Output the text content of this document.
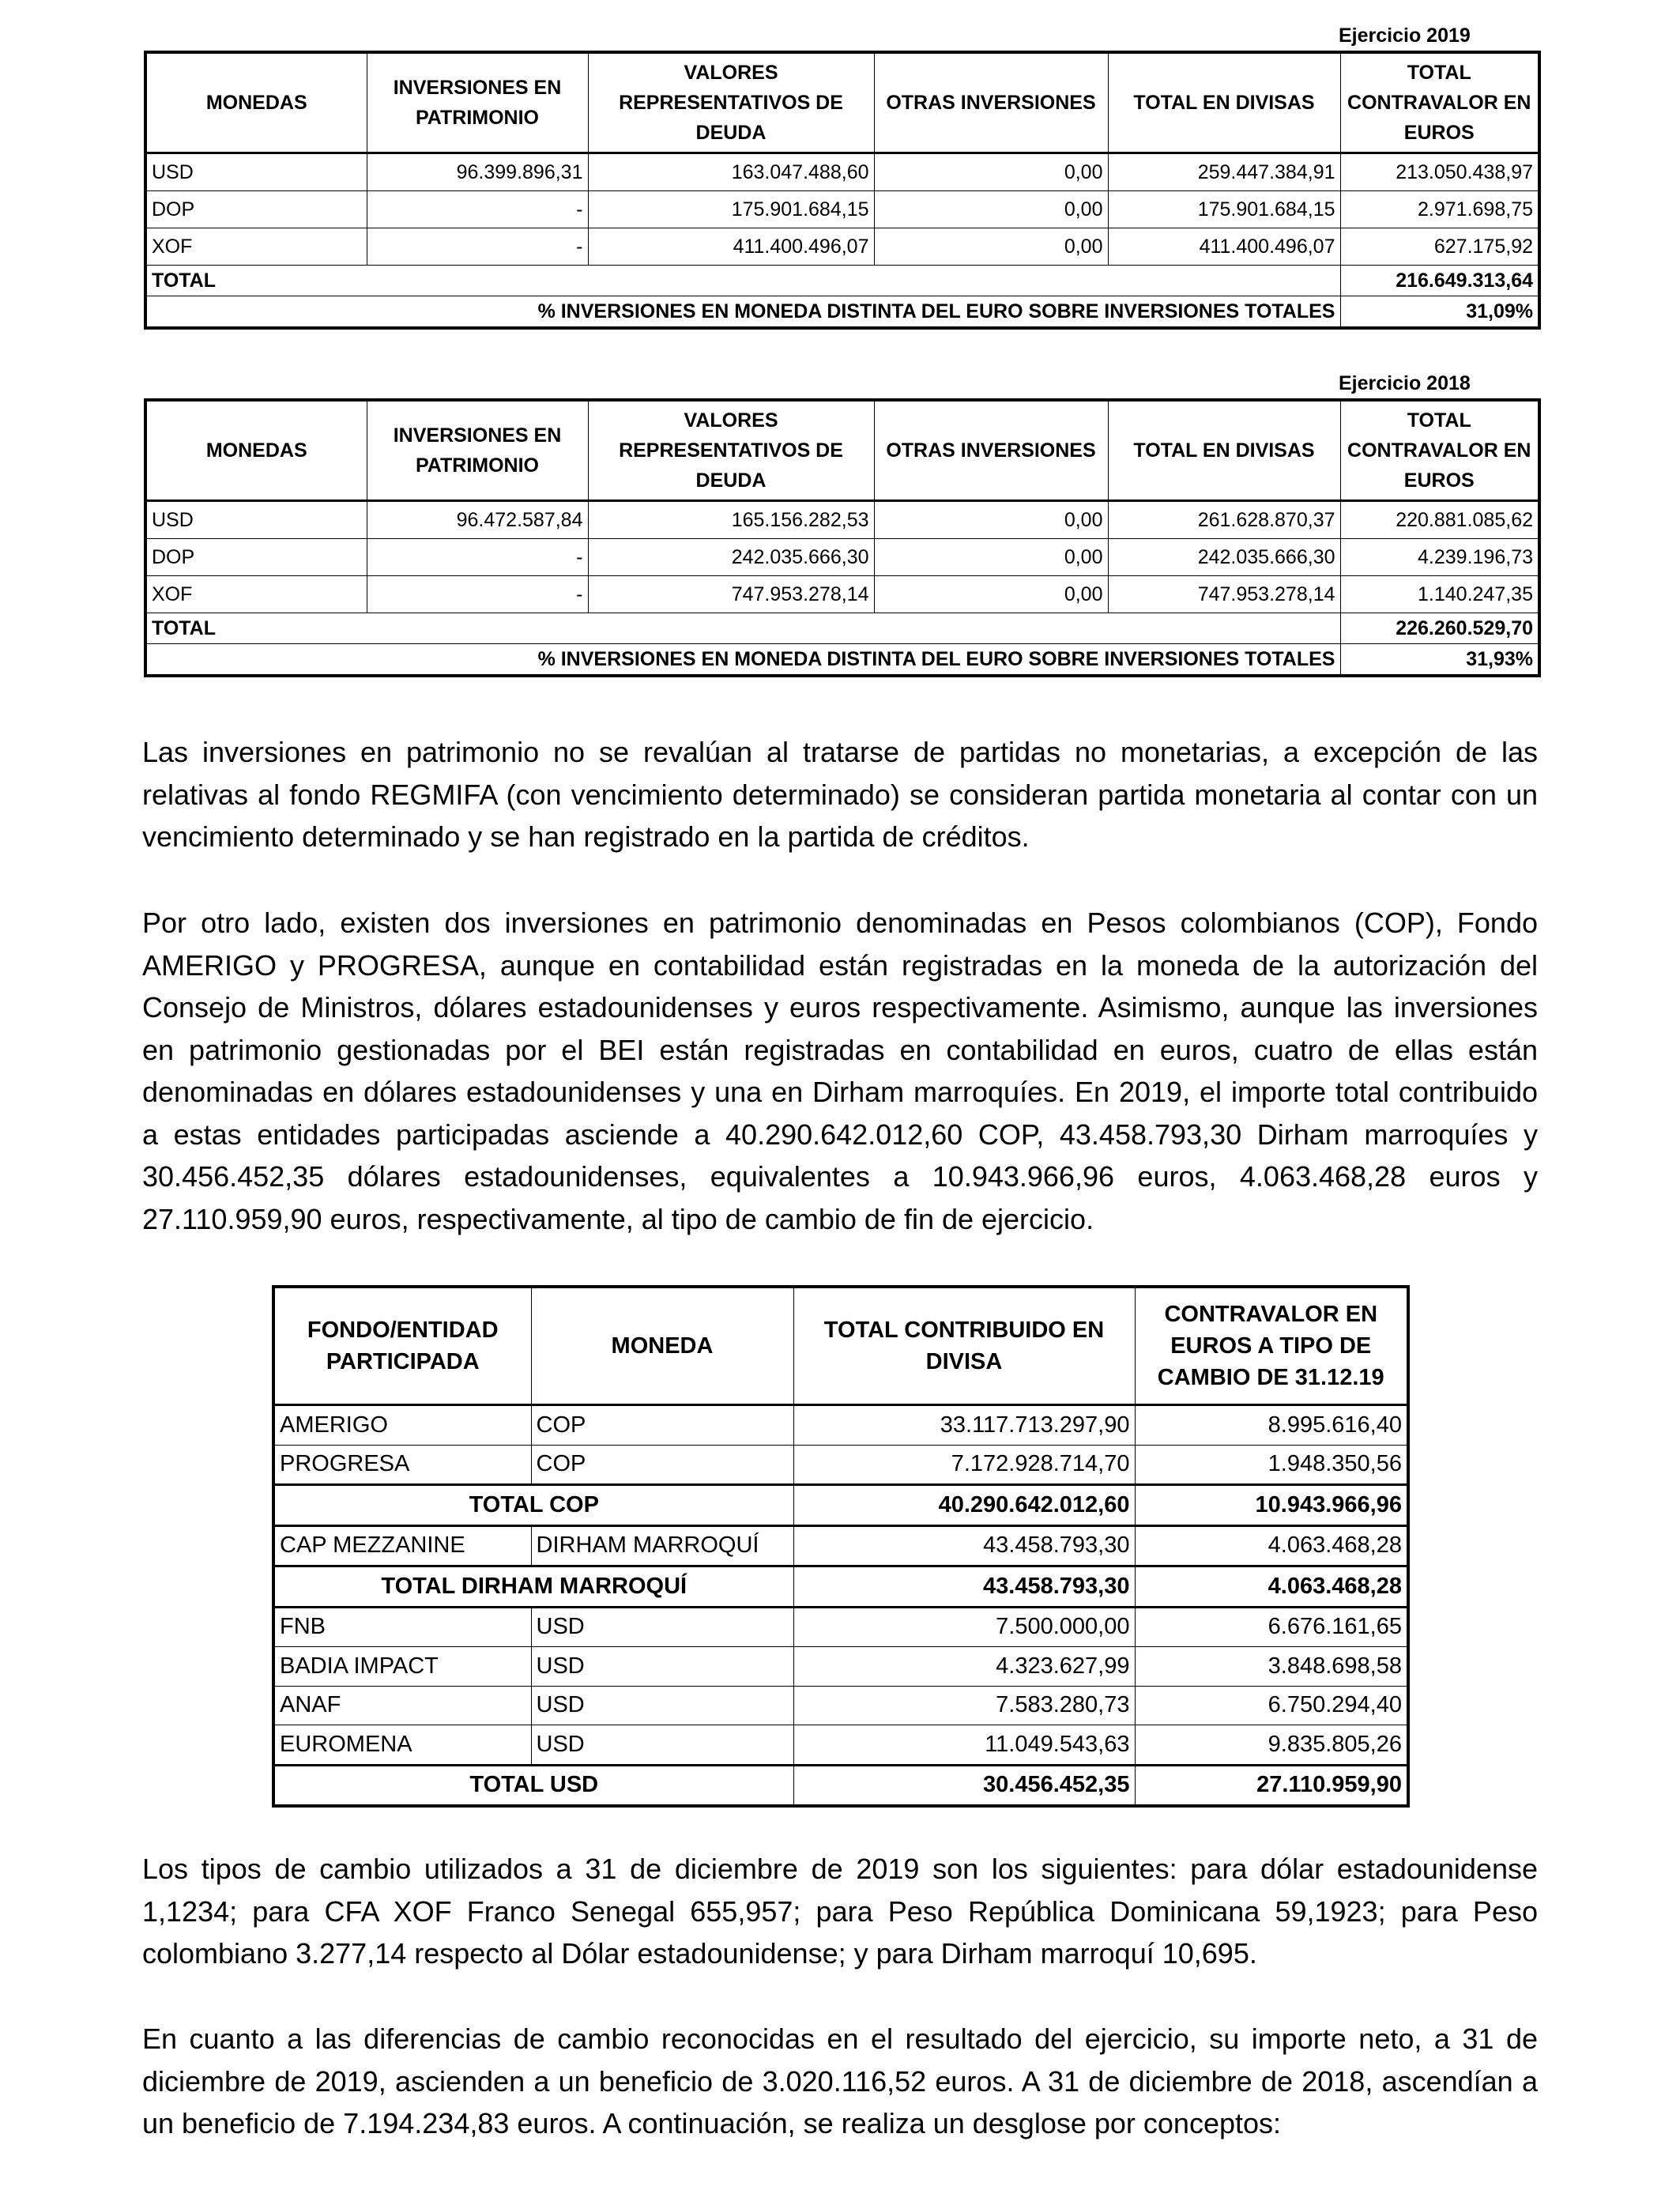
Ejercicio 2019
MONEDAS	INVERSIONES EN PATRIMONIO	VALORES REPRESENTATIVOS DE DEUDA	OTRAS INVERSIONES	TOTAL EN DIVISAS	TOTAL CONTRAVALOR EN EUROS
USD	96.399.896,31	163.047.488,60	0,00	259.447.384,91	213.050.438,97
DOP	-	175.901.684,15	0,00	175.901.684,15	2.971.698,75
XOF	-	411.400.496,07	0,00	411.400.496,07	627.175,92
TOTAL					216.649.313,64
% INVERSIONES EN MONEDA DISTINTA DEL EURO SOBRE INVERSIONES TOTALES					31,09%
Ejercicio 2018
MONEDAS	INVERSIONES EN PATRIMONIO	VALORES REPRESENTATIVOS DE DEUDA	OTRAS INVERSIONES	TOTAL EN DIVISAS	TOTAL CONTRAVALOR EN EUROS
USD	96.472.587,84	165.156.282,53	0,00	261.628.870,37	220.881.085,62
DOP	-	242.035.666,30	0,00	242.035.666,30	4.239.196,73
XOF	-	747.953.278,14	0,00	747.953.278,14	1.140.247,35
TOTAL					226.260.529,70
% INVERSIONES EN MONEDA DISTINTA DEL EURO SOBRE INVERSIONES TOTALES					31,93%

Las inversiones en patrimonio no se revalúan al tratarse de partidas no monetarias, a excepción de las relativas al fondo REGMIFA (con vencimiento determinado) se consideran partida monetaria al contar con un vencimiento determinado y se han registrado en la partida de créditos.

Por otro lado, existen dos inversiones en patrimonio denominadas en Pesos colombianos (COP), Fondo AMERIGO y PROGRESA, aunque en contabilidad están registradas en la moneda de la autorización del Consejo de Ministros, dólares estadounidenses y euros respectivamente. Asimismo, aunque las inversiones en patrimonio gestionadas por el BEI están registradas en contabilidad en euros, cuatro de ellas están denominadas en dólares estadounidenses y una en Dirham marroquíes. En 2019, el importe total contribuido a estas entidades participadas asciende a 40.290.642.012,60 COP, 43.458.793,30 Dirham marroquíes y 30.456.452,35 dólares estadounidenses, equivalentes a 10.943.966,96 euros, 4.063.468,28 euros y 27.110.959,90 euros, respectivamente, al tipo de cambio de fin de ejercicio.

FONDO/ENTIDAD PARTICIPADA	MONEDA	TOTAL CONTRIBUIDO EN DIVISA	CONTRAVALOR EN EUROS A TIPO DE CAMBIO DE 31.12.19
AMERIGO	COP	33.117.713.297,90	8.995.616,40
PROGRESA	COP	7.172.928.714,70	1.948.350,56
TOTAL COP		40.290.642.012,60	10.943.966,96
CAP MEZZANINE	DIRHAM MARROQUÍ	43.458.793,30	4.063.468,28
TOTAL DIRHAM MARROQUÍ		43.458.793,30	4.063.468,28
FNB	USD	7.500.000,00	6.676.161,65
BADIA IMPACT	USD	4.323.627,99	3.848.698,58
ANAF	USD	7.583.280,73	6.750.294,40
EUROMENA	USD	11.049.543,63	9.835.805,26
TOTAL USD		30.456.452,35	27.110.959,90

Los tipos de cambio utilizados a 31 de diciembre de 2019 son los siguientes: para dólar estadounidense 1,1234; para CFA XOF Franco Senegal 655,957; para Peso República Dominicana 59,1923; para Peso colombiano 3.277,14 respecto al Dólar estadounidense; y para Dirham marroquí 10,695.

En cuanto a las diferencias de cambio reconocidas en el resultado del ejercicio, su importe neto, a 31 de diciembre de 2019, ascienden a un beneficio de 3.020.116,52 euros. A 31 de diciembre de 2018, ascendían a un beneficio de 7.194.234,83 euros. A continuación, se realiza un desglose por conceptos:
